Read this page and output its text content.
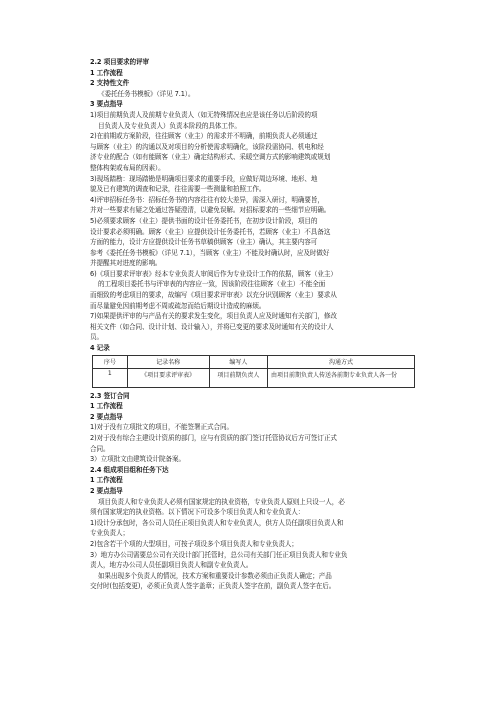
2.2 项目要求的评审
1 工作流程
2 支持性文件
《委托任务书模板》（详见 7.1）。
3 要点指导
1)项目前期负责人及前期专业负责人（如无特殊情况也应是该任务以后阶段的项
目负责人及专业负责人）负责本阶段的具体工作。
2)在前期或方案阶段，往往顾客（业主）的需求并不明确，前期负责人必须通过
与顾客（业主）的沟通以及对项目的分析使需求明确化，该阶段需协同、机电和经
济专业的配合（如有能顾客（业主）确定结构形式、采暖空调方式的影响建筑或规划
整体构架或布局的因素）。
3)现场踏勘：现场踏勘是明确项目要求的重要手段，应做好周边环境、地形、地
貌及已有建筑的调查和记录，往往需要一些测量和拍照工作。
4)评审招标任务书：招标任务书的内容往往有较大差异，需深入研讨，明确要旨，
并对一些要求有疑之处通过答疑澄清，以避免误解。对招标要求的一些细节应明确。
5)必须要求顾客（业主）提供书面的设计任务委托书，在初步设计阶段，项目的
设计要求必须明确。顾客（业主）应提供设计任务委托书，若顾客（业主）不具备这
方面的能力，设计方应提供设计任务书草稿供顾客（业主）确认，其主要内容可
参考《委托任务书模板》（详见 7.1），当顾客（业主）不能及时确认时，应及时做好
并提醒其对进度的影响。
6)《项目要求评审表》经本专业负责人审阅后作为专业设计工作的依据，顾客（业主）
的工程项目委托书与评审表的内容应一致，因该阶段往往顾客（业主）不能全面
而细致的考虑项目的要求，故编写《项目要求评审表》以充分识别顾客（业主）要求从
而尽量避免因前期考虑不周或疏忽而给后期设计造成的麻烦。
7)如果提供评审的与产品有关的要求发生变化，项目负责人应及时通知有关部门，修改
相关文件（如合同、设计计划、设计输入），并将已变更的要求及时通知有关的设计人
员。
4 记录
序号	记录名称	编写人	沟通方式
1	《项目要求评审表》	项目前期负责人	由项目前期负责人传送各前期专业负责人各一份
2.3 签订合同
1 工作流程
2 要点指导
1)对于没有立项批文的项目，不能签署正式合同。
2)对于没有综合主建设计资质的部门，应与有资质的部门签订托管协议后方可签订正式
合同。
3）立项批文由建筑设计院备案。
2.4 组成项目组和任务下达
1 工作流程
2 要点指导
项目负责人和专业负责人必须有国家规定的执业资格，专业负责人原则上只设一人，必
须有国家规定的执业资格。以下情况下可设多个项目负责人和专业负责人：
1)设计分承包时，各公司人员任正项目负责人和专业负责人，供方人员任副项目负责人和
专业负责人；
2)包含若干个项的大型项目，可按子项设多个项目负责人和专业负责人；
3）地方办公司需要总公司有关设计部门托管时，总公司有关部门任正项目负责人和专业负
责人，地方办公司人员任副项目负责人和副专业负责人。
如果出现多个负责人的情况，技术方案和重要设计参数必须由正负责人确定；产品
交付时(包括变更)，必须正负责人签字盖章；正负责人签字在前，副负责人签字在后。
